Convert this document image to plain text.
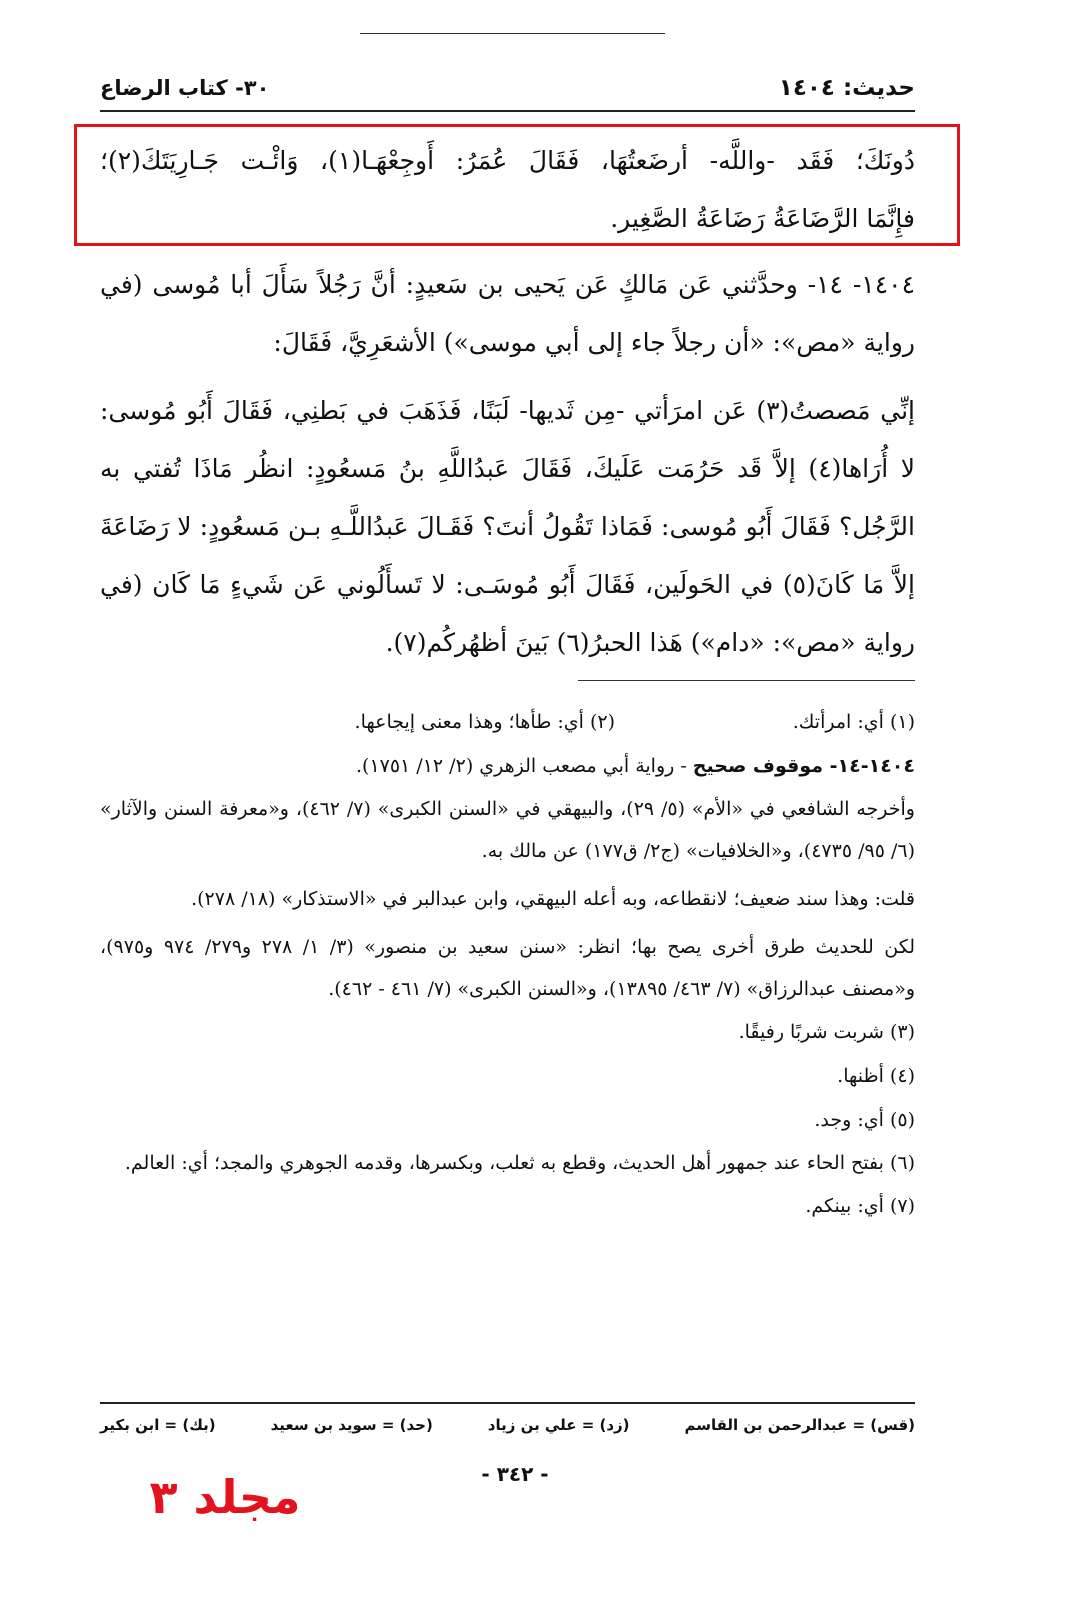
حديث: ١٤٠٤
٣٠- كتاب الرضاع

دُونَكَ؛ فَقَد -واللَّه- أرضَعتُهَا، فَقَالَ عُمَرُ: أَوجِعْهَـا(١)، وَائْـت جَـارِيَتَكَ(٢)؛

فإِنَّمَا الرَّضَاعَةُ رَضَاعَةُ الصَّغِير.

١٤٠٤- ١٤- وحدَّثني عَن مَالكٍ عَن يَحيى بن سَعيدٍ: أنَّ رَجُلاً سَأَلَ أبا مُوسى (في رواية «مص»: «أن رجلاً جاء إلى أبي موسى») الأشعَرِيَّ، فَقَالَ:

إنِّي مَصصتُ(٣) عَن امرَأتي -مِن ثَديها- لَبَنًا، فَذَهَبَ في بَطنِي، فَقَالَ أَبُو مُوسى: لا أُرَاها(٤) إلاَّ قَد حَرُمَت عَلَيكَ، فَقَالَ عَبدُاللَّهِ بنُ مَسعُودٍ: انظُر مَاذَا تُفتي به الرَّجُل؟ فَقَالَ أَبُو مُوسى: فَمَاذا تَقُولُ أنتَ؟ فَقَـالَ عَبدُاللَّـهِ بـن مَسعُودٍ: لا رَضَاعَةَ إلاَّ مَا كَانَ(٥) في الحَولَين، فَقَالَ أَبُو مُوسَـى: لا تَسأَلُوني عَن شَيءٍ مَا كَان (في رواية «مص»: «دام») هَذا الحبرُ(٦) بَينَ أظهُركُم(٧).

(١) أي: امرأتك.
(٢) أي: طأها؛ وهذا معنى إيجاعها.

١٤٠٤-١٤- موقوف صحيح - رواية أبي مصعب الزهري (٢/ ١٢/ ١٧٥١).

وأخرجه الشافعي في «الأم» (٥/ ٢٩)، والبيهقي في «السنن الكبرى» (٧/ ٤٦٢)، و«معرفة السنن والآثار» (٦/ ٩٥/ ٤٧٣٥)، و«الخلافيات» (ج٢/ ق١٧٧) عن مالك به.

قلت: وهذا سند ضعيف؛ لانقطاعه، وبه أعله البيهقي، وابن عبدالبر في «الاستذكار» (١٨/ ٢٧٨).

لكن للحديث طرق أخرى يصح بها؛ انظر: «سنن سعيد بن منصور» (٣/ ١/ ٢٧٨ و٢٧٩/ ٩٧٤ و٩٧٥)، و«مصنف عبدالرزاق» (٧/ ٤٦٣/ ١٣٨٩٥)، و«السنن الكبرى» (٧/ ٤٦١ - ٤٦٢).

(٣) شربت شربًا رفيقًا.

(٤) أظنها.

(٥) أي: وجد.

(٦) بفتح الحاء عند جمهور أهل الحديث، وقطع به ثعلب، وبكسرها، وقدمه الجوهري والمجد؛ أي: العالم.

(٧) أي: بينكم.

(قس) = عبدالرحمن بن القاسم
(زد) = علي بن زياد
(حد) = سويد بن سعيد
(بك) = ابن بكير
- ٣٤٢ -
مجلد ٣
